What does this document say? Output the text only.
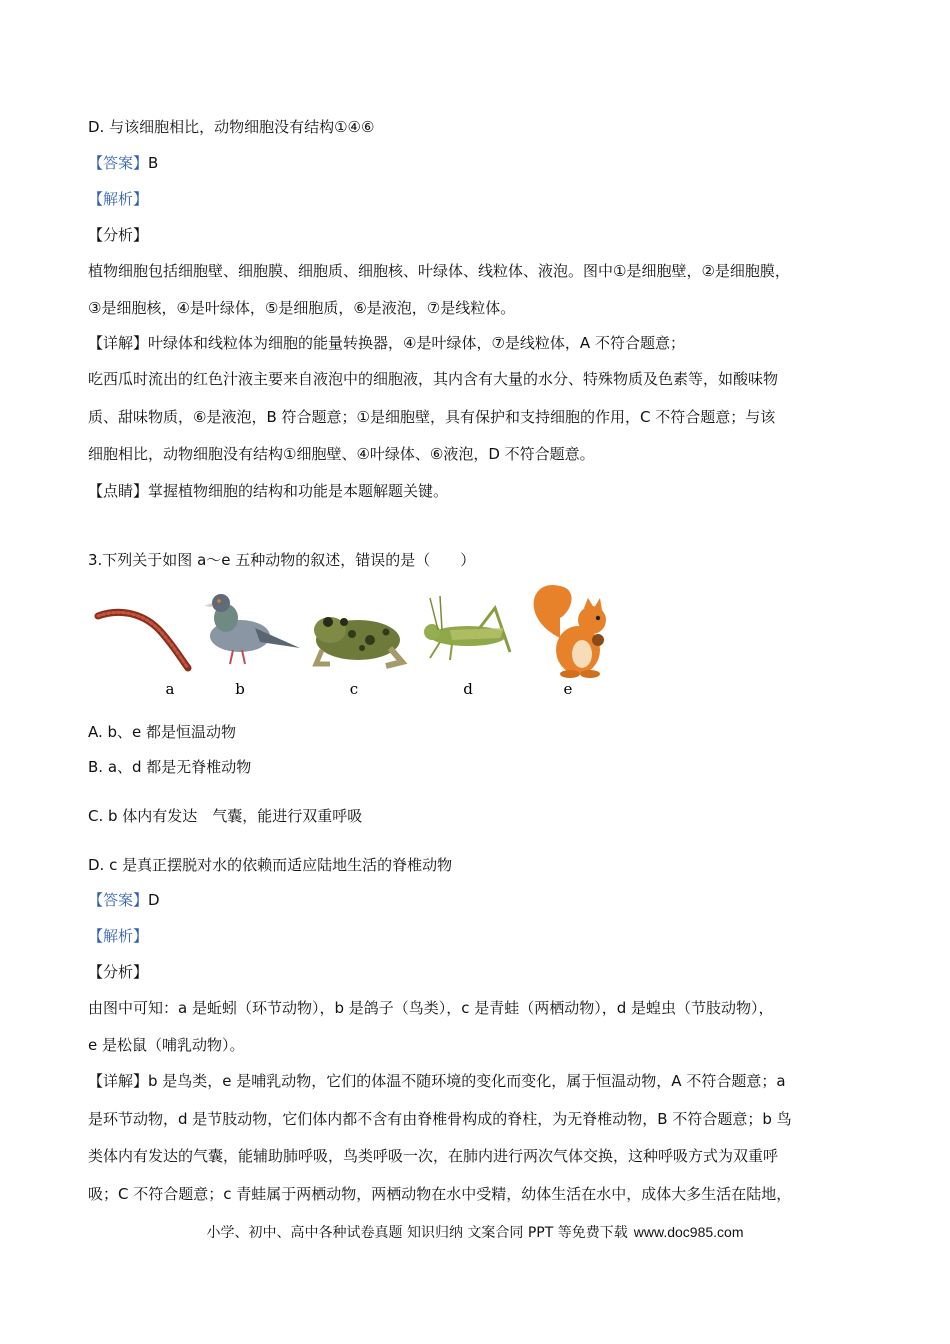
D. 与该细胞相比，动物细胞没有结构①④⑥
【答案】B
【解析】
【分析】
植物细胞包括细胞壁、细胞膜、细胞质、细胞核、叶绿体、线粒体、液泡。图中①是细胞壁，②是细胞膜，
③是细胞核，④是叶绿体，⑤是细胞质，⑥是液泡，⑦是线粒体。
【详解】叶绿体和线粒体为细胞的能量转换器，④是叶绿体，⑦是线粒体，A 不符合题意；
吃西瓜时流出的红色汁液主要来自液泡中的细胞液，其内含有大量的水分、特殊物质及色素等，如酸味物
质、甜味物质，⑥是液泡，B 符合题意；①是细胞壁，具有保护和支持细胞的作用，C 不符合题意；与该
细胞相比，动物细胞没有结构①细胞壁、④叶绿体、⑥液泡，D 不符合题意。
【点睛】掌握植物细胞的结构和功能是本题解题关键。
3.下列关于如图 a～e 五种动物的叙述，错误的是（　　）
a	b	c	d	e
A. b、e 都是恒温动物
B. a、d 都是无脊椎动物
C. b 体内有发达　气囊，能进行双重呼吸
D. c 是真正摆脱对水的依赖而适应陆地生活的脊椎动物
【答案】D
【解析】
【分析】
由图中可知：a 是蚯蚓（环节动物），b 是鸽子（鸟类），c 是青蛙（两栖动物），d 是蝗虫（节肢动物），
e 是松鼠（哺乳动物）。
【详解】b 是鸟类，e 是哺乳动物，它们的体温不随环境的变化而变化，属于恒温动物，A 不符合题意；a
是环节动物，d 是节肢动物，它们体内都不含有由脊椎骨构成的脊柱，为无脊椎动物，B 不符合题意；b 鸟
类体内有发达的气囊，能辅助肺呼吸，鸟类呼吸一次，在肺内进行两次气体交换，这种呼吸方式为双重呼
吸；C 不符合题意；c 青蛙属于两栖动物，两栖动物在水中受精，幼体生活在水中，成体大多生活在陆地，
小学、初中、高中各种试卷真题 知识归纳 文案合同 PPT 等免费下载 www.doc985.com
